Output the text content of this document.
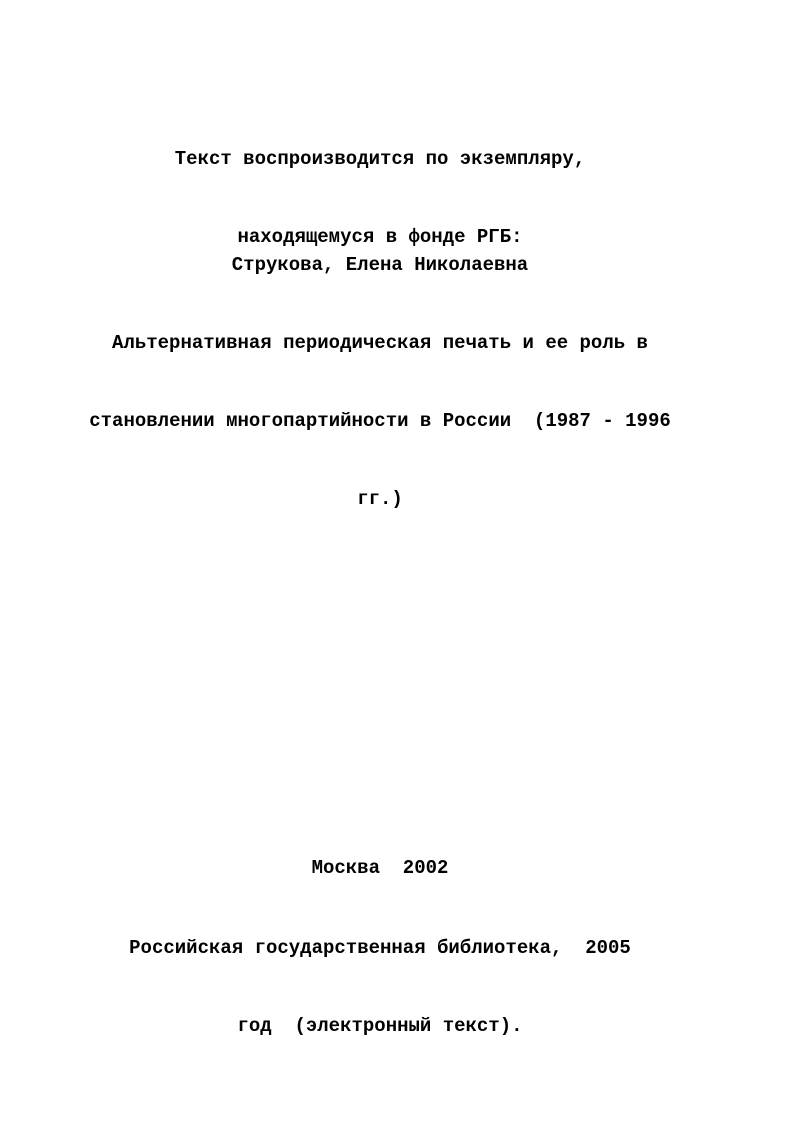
Текст воспроизводится по экземпляру,

находящемуся в фонде РГБ:

Струкова, Елена Николаевна

Альтернативная периодическая печать и ее роль в

становлении многопартийности в России  (1987 - 1996

гг.)

Москва  2002

Российская государственная библиотека,  2005

год  (электронный текст).
